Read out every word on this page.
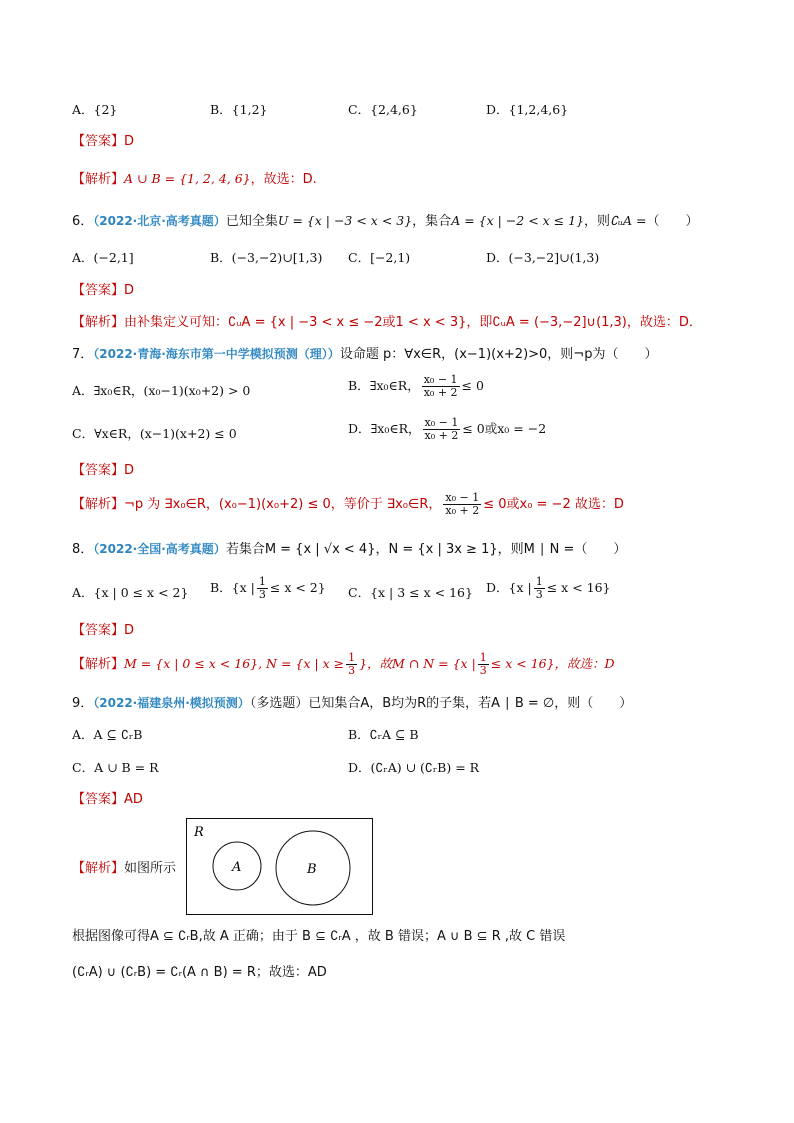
A．{2}	B．{1,2}	C．{2,4,6}	D．{1,2,4,6}
【答案】D
【解析】A ∪ B = {1, 2, 4, 6}，故选：D.
6．（2022·北京·高考真题）已知全集U = {x | −3 < x < 3}，集合A = {x | −2 < x ≤ 1}，则∁ᵤA =（　　）
A．(−2,1]	B．(−3,−2)∪[1,3) C．[−2,1)	D．(−3,−2]∪(1,3)
【答案】D
【解析】由补集定义可知：∁ᵤA = {x | −3 < x ≤ −2或1 < x < 3}，即∁ᵤA = (−3,−2]∪(1,3)，故选：D．
7．（2022·青海·海东市第一中学模拟预测（理））设命题 p：∀x∈R，(x−1)(x+2)>0，则¬p为（　　）
A．∃x₀∈R，(x₀−1)(x₀+2) > 0	B．∃x₀∈R， $\frac{\text{x₀ − 1}}{\text{x₀ + 2}} \le 0$
C．∀x∈R，(x−1)(x+2) ≤ 0	D．∃x₀∈R， $\frac{\text{x₀ − 1}}{\text{x₀ + 2}} \le 0$或x₀ = −2
【答案】D
【解析】¬p 为 ∃x₀∈R，(x₀−1)(x₀+2) ≤ 0，等价于 ∃x₀∈R， $\frac{\text{x₀ − 1}}{\text{x₀ + 2}} \le 0$或x₀ = −2 故选：D
8．（2022·全国·高考真题）若集合M = {x | √x < 4}，N = {x | 3x ≥ 1}，则M ∣ N =（　　）
A．{x | 0 ≤ x < 2} B．{x | $\frac{1}{3} \le x < 2$} C．{x | 3 ≤ x < 16} D．{x | $\frac{1}{3} \le x < 16$}
【答案】D
【解析】M = {x | 0 ≤ x < 16}, N = {x | $x \ge \frac{1}{3}$ }，故M ∩ N = {x | $\frac{1}{3} \le x < 16$}，故选：D
9．（2022·福建泉州·模拟预测）（多选题）已知集合A，B均为R的子集，若A ∣ B = ∅，则（　　）
A．A ⊆ ∁ᵣB	B．∁ᵣA ⊆ B
C．A ∪ B = R	D．(∁ᵣA) ∪ (∁ᵣB) = R
【答案】AD
【解析】如图所示
R
A	B
根据图像可得A ⊆ ∁ᵣB,故 A 正确；由于 B ⊆ ∁ᵣA ，故 B 错误；A ∪ B ⊆ R ,故 C 错误
(∁ᵣA) ∪ (∁ᵣB) = ∁ᵣ(A ∩ B) = R；故选：AD
